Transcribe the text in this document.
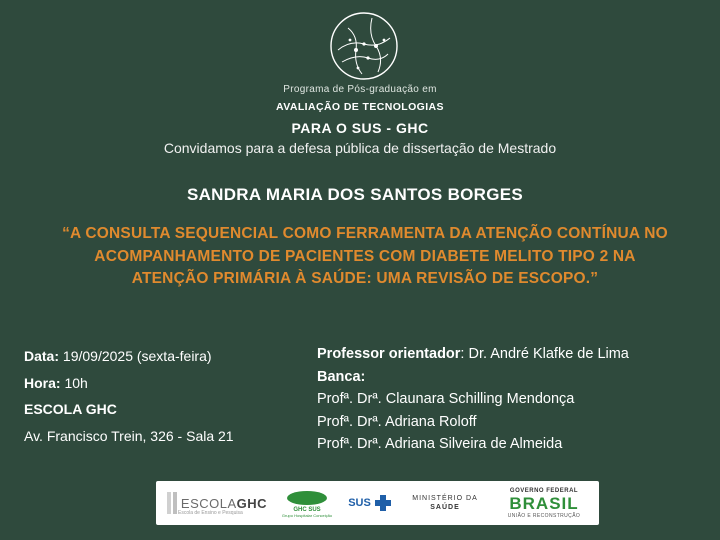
Programa de Pós-graduação em
AVALIAÇÃO DE TECNOLOGIAS
PARA O SUS - GHC
Convidamos para a defesa pública de dissertação de Mestrado
SANDRA MARIA DOS SANTOS BORGES
“A CONSULTA SEQUENCIAL COMO FERRAMENTA DA ATENÇÃO CONTÍNUA NO ACOMPANHAMENTO DE PACIENTES COM DIABETE MELITO TIPO 2 NA ATENÇÃO PRIMÁRIA À SAÚDE: UMA REVISÃO DE ESCOPO.”
Data: 19/09/2025 (sexta-feira)
Hora: 10h
ESCOLA GHC
Av. Francisco Trein, 326 - Sala 21
Professor orientador: Dr. André Klafke de Lima
Banca:
Profª. Drª. Claunara Schilling Mendonça
Profª. Drª. Adriana Roloff
Profª. Drª. Adriana Silveira de Almeida
ESCOLAGHC
Escola de Ensino e Pesquisa
GHC SUS
Grupo Hospitalar Conceição
SUS	MINISTÉRIO DA
SAÚDE
GOVERNO FEDERAL
BRASIL
UNIÃO E RECONSTRUÇÃO
